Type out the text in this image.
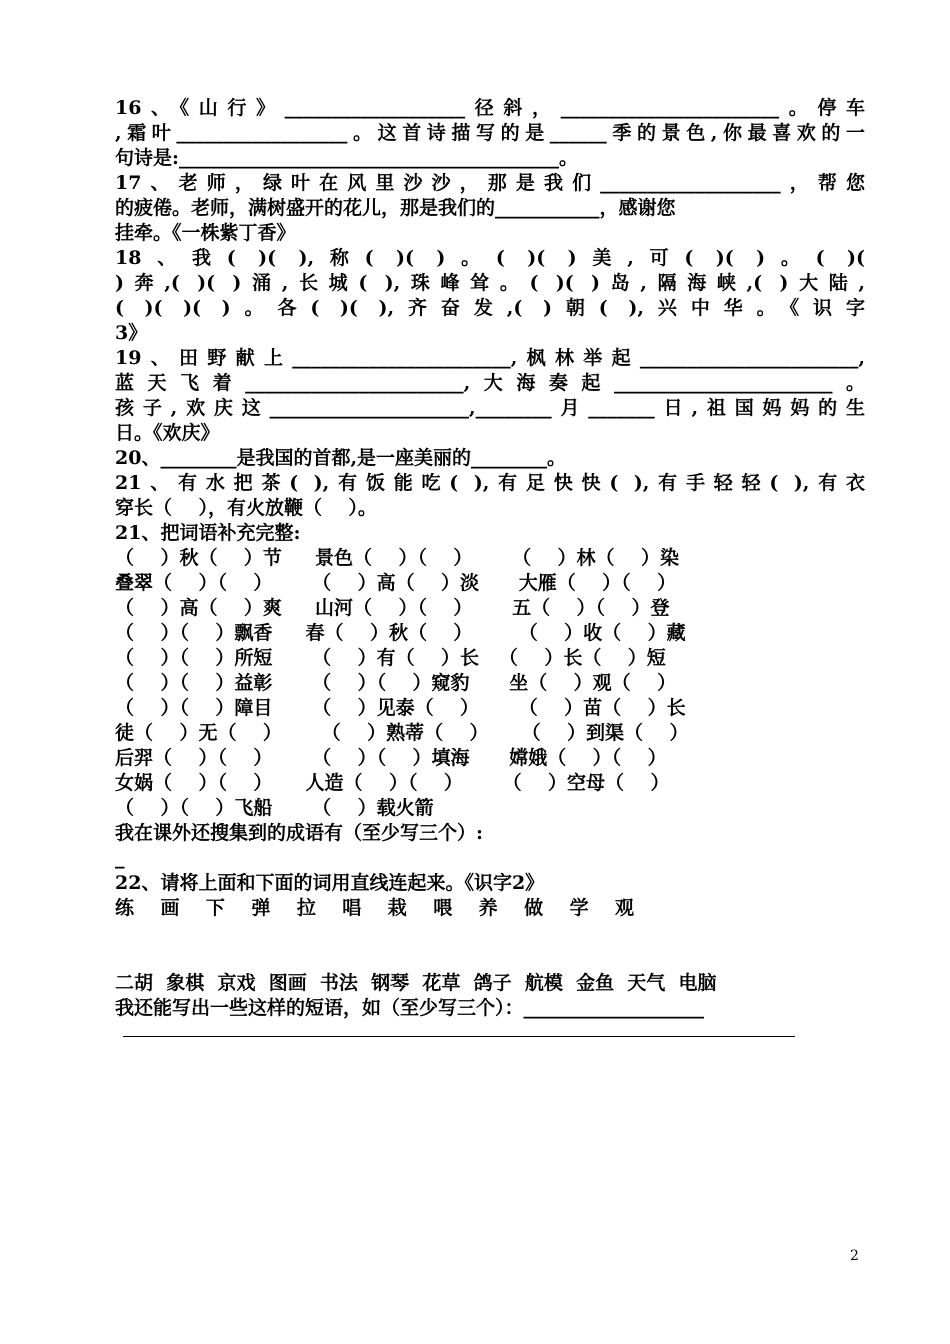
16、《山行》___________________径斜，_______________________。停车
,霜叶__________________。这首诗描写的是______季的景色,你最喜欢的一
句诗是:________________________________________。
17、老师，绿叶在风里沙沙，那是我们___________________，帮您
的疲倦。老师，满树盛开的花儿，那是我们的___________，感谢您
挂牵。《一株紫丁香》
18、我( )( ),称( )( )。( )( )美,可( )( )。( )(
)奔,( )( )涌,长城( ),珠峰耸。( )( )岛,隔海峡,( )大陆,
( )( )( )。各( )( ),齐奋发,( )朝( ),兴中华。《识字
3》
19、田野献上_______________________,枫林举起_______________________,
蓝天飞着_______________________,大海奏起_______________________。
孩子,欢庆这_____________________,________月_______日,祖国妈妈的生
日。《欢庆》
20、________是我国的首都,是一座美丽的________。
21、有水把茶( ),有饭能吃( ),有足快快( ),有手轻轻( ),有衣
穿长（    ），有火放鞭（    ）。
21、把词语补充完整:
（    ）秋（    ）节     景色（    ）（    ）      （    ）林（    ）染
叠翠（    ）（    ）      （    ）高（    ）淡      大雁（    ）（    ）
（    ）高（    ）爽     山河（    ）（    ）      五（    ）（    ）登
（    ）（    ）飘香     春（    ）秋（    ）       （    ）收（    ）藏
（    ）（    ）所短      （    ）有（    ）长   （    ）长（    ）短
（    ）（    ）益彰      （    ）（    ）窥豹      坐（    ）观（    ）
（    ）（    ）障目      （    ）见泰（    ）      （    ）苗（    ）长
徒（    ）无（    ）      （    ）熟蒂（    ）     （    ）到渠（    ）
后羿（    ）（    ）      （    ）（    ）填海      嫦娥（    ）（    ）
女娲（    ）（    ）     人造（    ）（    ）      （    ）空母（    ）
（    ）（    ）飞船      （    ）载火箭
我在课外还搜集到的成语有（至少写三个）:
_
22、请将上面和下面的词用直线连起来。《识字2》
练    画    下    弹    拉    唱    栽    喂    养    做    学    观
二胡  象棋  京戏  图画  书法  钢琴  花草  鸽子  航模  金鱼  天气  电脑
我还能写出一些这样的短语，如（至少写三个）：___________________
2
